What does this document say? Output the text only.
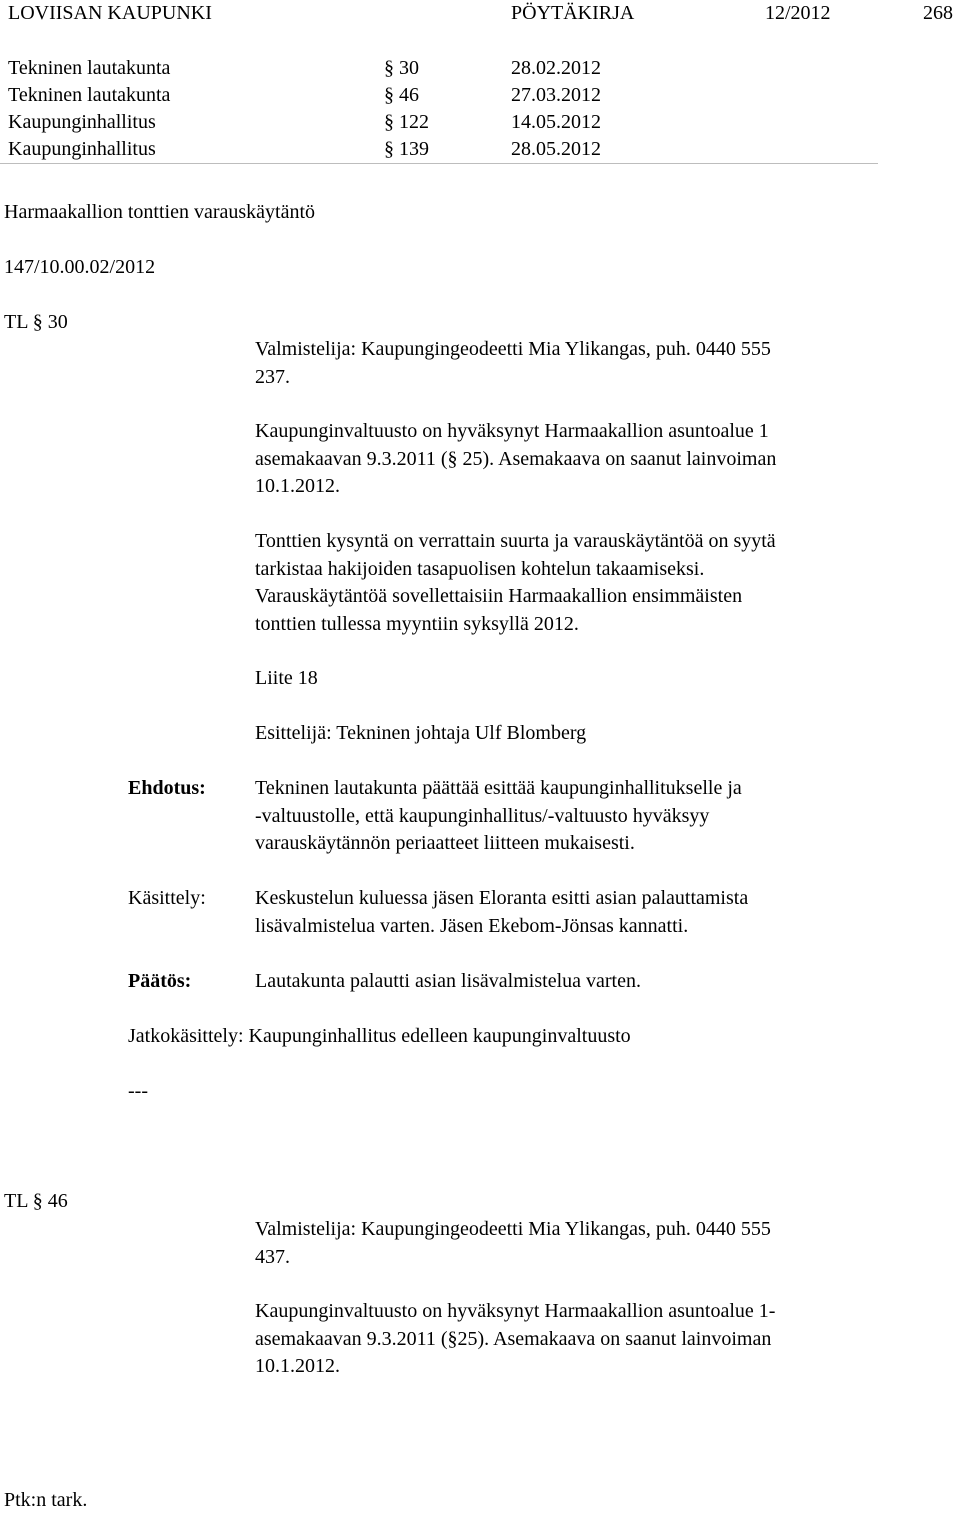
LOVIISAN KAUPUNKI	PÖYTÄKIRJA	12/2012	268
Tekninen lautakunta	§ 30	28.02.2012
Tekninen lautakunta	§ 46	27.03.2012
Kaupunginhallitus	§ 122	14.05.2012
Kaupunginhallitus	§ 139	28.05.2012
Harmaakallion tonttien varauskäytäntö
147/10.00.02/2012
TL § 30
Valmistelija: Kaupungingeodeetti Mia Ylikangas, puh. 0440 555
237.
Kaupunginvaltuusto on hyväksynyt Harmaakallion asuntoalue 1
asemakaavan 9.3.2011 (§ 25). Asemakaava on saanut lainvoiman
10.1.2012.
Tonttien kysyntä on verrattain suurta ja varauskäytäntöä on syytä
tarkistaa hakijoiden tasapuolisen kohtelun takaamiseksi.
Varauskäytäntöä sovellettaisiin Harmaakallion ensimmäisten
tonttien tullessa myyntiin syksyllä 2012.
Liite 18
Esittelijä: Tekninen johtaja Ulf Blomberg
Ehdotus: Tekninen lautakunta päättää esittää kaupunginhallitukselle ja
-valtuustolle, että kaupunginhallitus/-valtuusto hyväksyy
varauskäytännön periaatteet liitteen mukaisesti.
Käsittely: Keskustelun kuluessa jäsen Eloranta esitti asian palauttamista
lisävalmistelua varten. Jäsen Ekebom-Jönsas kannatti.
Päätös:	Lautakunta palautti asian lisävalmistelua varten.
Jatkokäsittely: Kaupunginhallitus edelleen kaupunginvaltuusto
---
TL § 46
Valmistelija: Kaupungingeodeetti Mia Ylikangas, puh. 0440 555
437.
Kaupunginvaltuusto on hyväksynyt Harmaakallion asuntoalue 1-
asemakaavan 9.3.2011 (§25). Asemakaava on saanut lainvoiman
10.1.2012.
Ptk:n tark.
